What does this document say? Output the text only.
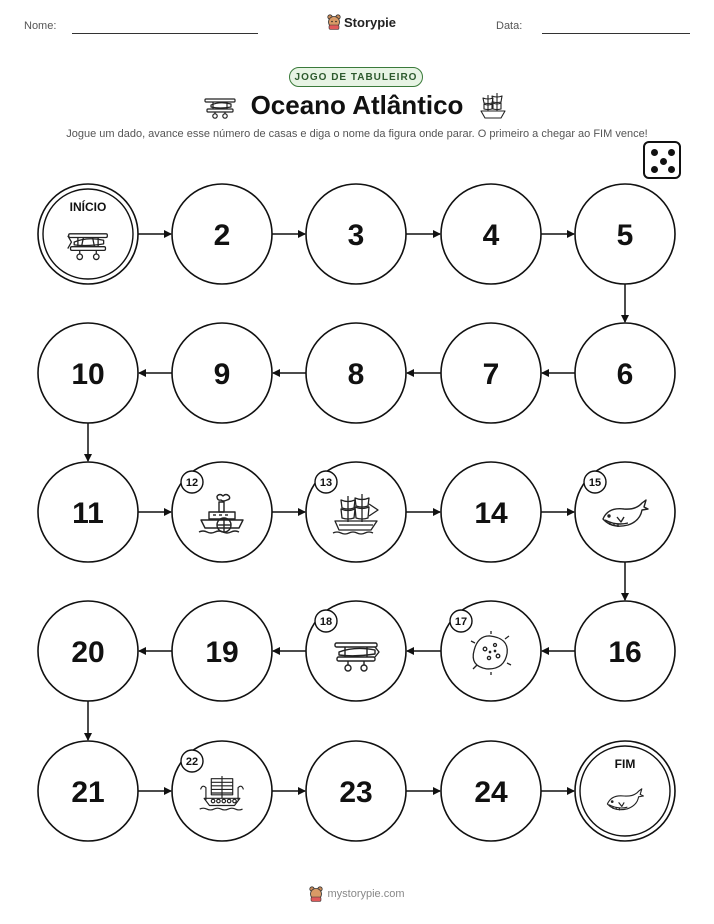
Nome:	Storypie	Data:
JOGO DE TABULEIRO
Oceano Atlântico
Jogue um dado, avance esse número de casas e diga o nome da figura onde parar. O primeiro a chegar ao FIM vence!
INÍCIO
2	3	4	5
6
7
8
9
10
11
12	13
14
15
16
17
18
19
20
21
22
23	24
FIM
mystorypie.com
